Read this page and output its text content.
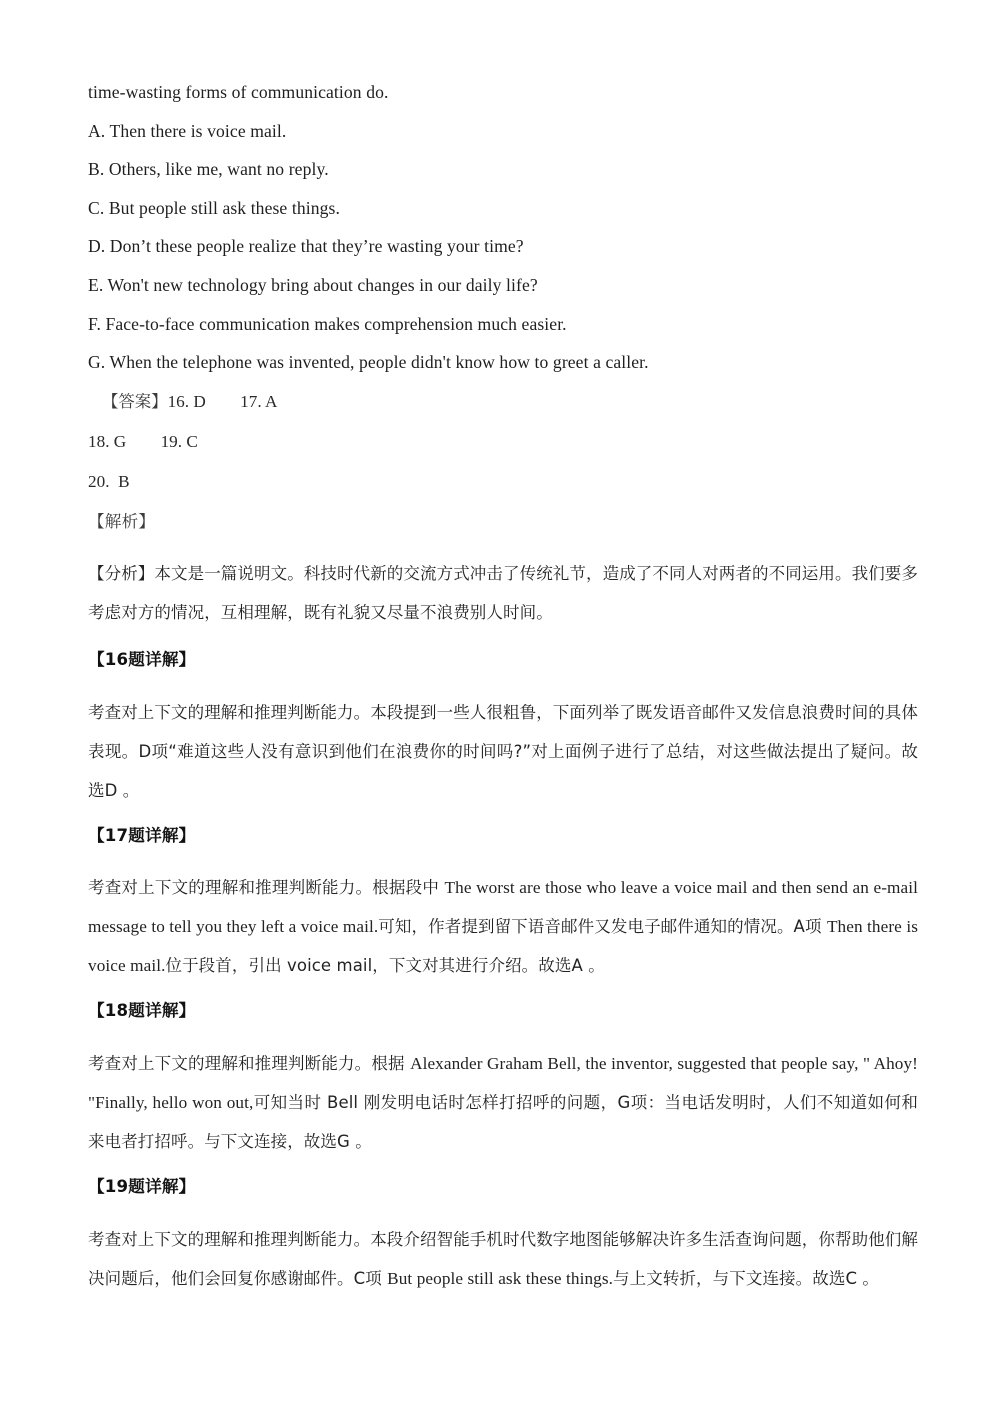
time-wasting forms of communication do.

A. Then there is voice mail.

B. Others, like me, want no reply.

C. But people still ask these things.

D. Don’t these people realize that they’re wasting your time?

E. Won't new technology bring about changes in our daily life?

F. Face-to-face communication makes comprehension much easier.

G. When the telephone was invented, people didn't know how to greet a caller.

【答案】16. D        17. A

18. G        19. C

20.  B

【解析】

【分析】本文是一篇说明文。科技时代新的交流方式冲击了传统礼节，造成了不同人对两者的不同运用。我们要多考虑对方的情况，互相理解，既有礼貌又尽量不浪费别人时间。

【16题详解】

考查对上下文的理解和推理判断能力。本段提到一些人很粗鲁，下面列举了既发语音邮件又发信息浪费时间的具体表现。D项“难道这些人没有意识到他们在浪费你的时间吗?”对上面例子进行了总结，对这些做法提出了疑问。故选D 。

【17题详解】

考查对上下文的理解和推理判断能力。根据段中 The worst are those who leave a voice mail and then send an e-mail message to tell you they left a voice mail.可知，作者提到留下语音邮件又发电子邮件通知的情况。A项 Then there is voice mail.位于段首，引出 voice mail，下文对其进行介绍。故选A 。

【18题详解】

考查对上下文的理解和推理判断能力。根据 Alexander Graham Bell, the inventor, suggested that people say, " Ahoy! "Finally, hello won out,可知当时 Bell 刚发明电话时怎样打招呼的问题，G项：当电话发明时，人们不知道如何和来电者打招呼。与下文连接，故选G 。

【19题详解】

考查对上下文的理解和推理判断能力。本段介绍智能手机时代数字地图能够解决许多生活查询问题，你帮助他们解决问题后，他们会回复你感谢邮件。C项 But people still ask these things.与上文转折，与下文连接。故选C 。
